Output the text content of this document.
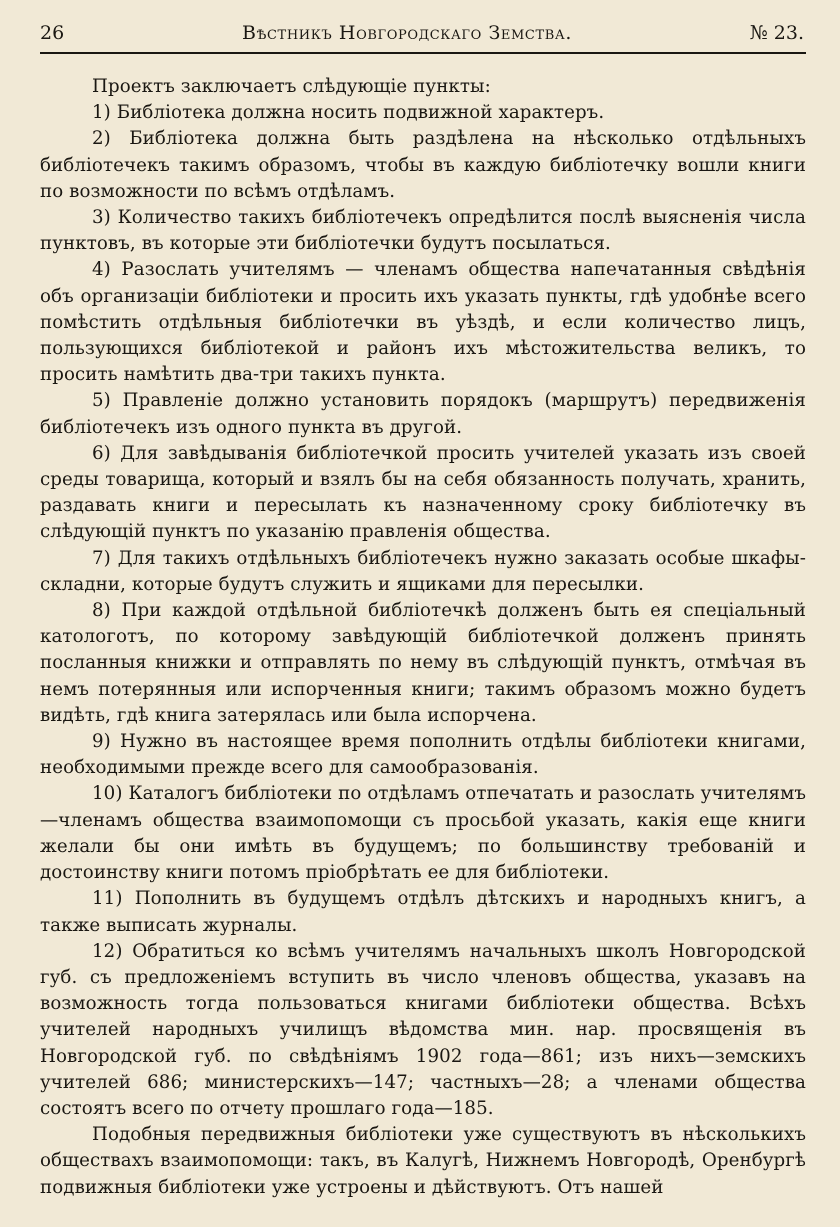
26	Вѣстникъ Новгородскаго Земства.	№ 23.

Проектъ заключаетъ слѣдующіе пункты:

1) Библіотека должна носить подвижной характеръ.

2) Библіотека должна быть раздѣлена на нѣсколько отдѣльныхъ библіотечекъ такимъ образомъ, чтобы въ каждую библіотечку вошли книги по возможности по всѣмъ отдѣламъ.

3) Количество такихъ библіотечекъ опредѣлится послѣ выясненія числа пунктовъ, въ которые эти библіотечки будутъ посылаться.

4) Разослать учителямъ — членамъ общества напечатанныя свѣдѣнія объ организаціи библіотеки и просить ихъ указать пункты, гдѣ удобнѣе всего помѣстить отдѣльныя библіотечки въ уѣздѣ, и если количество лицъ, пользующихся библіотекой и районъ ихъ мѣстожительства великъ, то просить намѣтить два-три такихъ пункта.

5) Правленіе должно установить порядокъ (маршрутъ) передвиженія библіотечекъ изъ одного пункта въ другой.

6) Для завѣдыванія библіотечкой просить учителей указать изъ своей среды товарища, который и взялъ бы на себя обязанность получать, хранить, раздавать книги и пересылать къ назначенному сроку библіотечку въ слѣдующій пунктъ по указанію правленія общества.

7) Для такихъ отдѣльныхъ библіотечекъ нужно заказать особые шкафы-складни, которые будутъ служить и ящиками для пересылки.

8) При каждой отдѣльной библіотечкѣ долженъ быть ея спеціальный катологотъ, по которому завѣдующій библіотечкой долженъ принять посланныя книжки и отправлять по нему въ слѣдующій пунктъ, отмѣчая въ немъ потерянныя или испорченныя книги; такимъ образомъ можно будетъ видѣть, гдѣ книга затерялась или была испорчена.

9) Нужно въ настоящее время пополнить отдѣлы библіотеки книгами, необходимыми прежде всего для самообразованія.

10) Каталогъ библіотеки по отдѣламъ отпечатать и разослать учителямъ—членамъ общества взаимопомощи съ просьбой указать, какія еще книги желали бы они имѣть въ будущемъ; по большинству требованій и достоинству книги потомъ пріобрѣтать ее для библіотеки.

11) Пополнить въ будущемъ отдѣлъ дѣтскихъ и народныхъ книгъ, а также выписать журналы.

12) Обратиться ко всѣмъ учителямъ начальныхъ школъ Новгородской губ. съ предложеніемъ вступить въ число членовъ общества, указавъ на возможность тогда пользоваться книгами библіотеки общества. Всѣхъ учителей народныхъ училищъ вѣдомства мин. нар. просвященія въ Новгородской губ. по свѣдѣніямъ 1902 года—861; изъ нихъ—земскихъ учителей 686; министерскихъ—147; частныхъ—28; а членами общества состоятъ всего по отчету прошлаго года—185.

Подобныя передвижныя библіотеки уже существуютъ въ нѣсколькихъ обществахъ взаимопомощи: такъ, въ Калугѣ, Нижнемъ Новгородѣ, Оренбургѣ подвижныя библіотеки уже устроены и дѣйствуютъ. Отъ нашей
